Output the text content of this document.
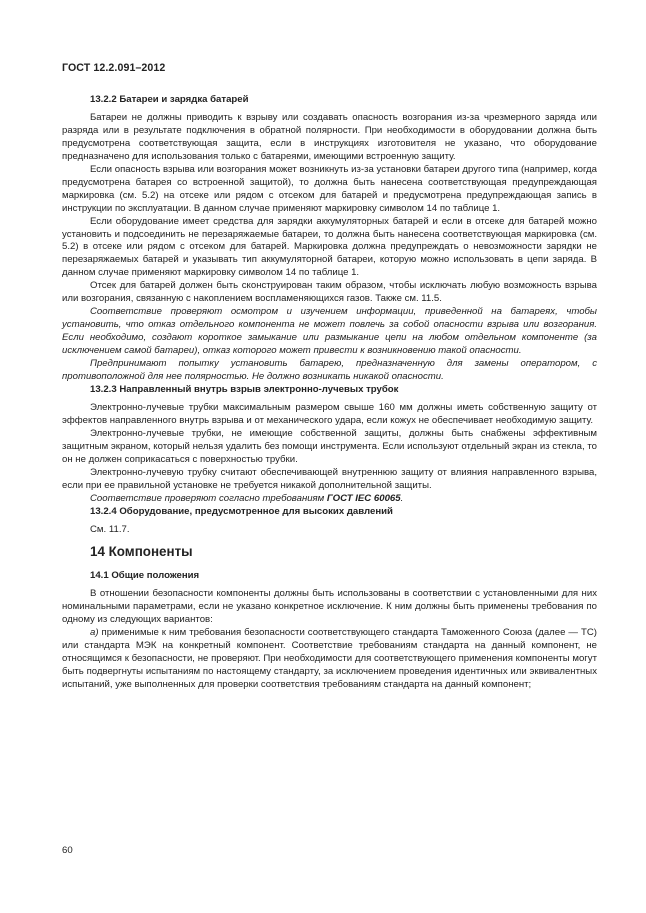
ГОСТ 12.2.091–2012
13.2.2 Батареи и зарядка батарей

Батареи не должны приводить к взрыву или создавать опасность возгорания из-за чрезмерного заряда или разряда или в результате подключения в обратной полярности. При необходимости в оборудовании должна быть предусмотрена соответствующая защита, если в инструкциях изготовителя не указано, что оборудование предназначено для использования только с батареями, имеющими встроенную защиту.

Если опасность взрыва или возгорания может возникнуть из-за установки батареи другого типа (например, когда предусмотрена батарея со встроенной защитой), то должна быть нанесена соответствующая предупреждающая маркировка (см. 5.2) на отсеке или рядом с отсеком для батарей и предусмотрена предупреждающая запись в инструкции по эксплуатации. В данном случае применяют маркировку символом 14 по таблице 1.

Если оборудование имеет средства для зарядки аккумуляторных батарей и если в отсеке для батарей можно установить и подсоединить не перезаряжаемые батареи, то должна быть нанесена соответствующая маркировка (см. 5.2) в отсеке или рядом с отсеком для батарей. Маркировка должна предупреждать о невозможности зарядки не перезаряжаемых батарей и указывать тип аккумуляторной батареи, которую можно использовать в цепи заряда. В данном случае применяют маркировку символом 14 по таблице 1.

Отсек для батарей должен быть сконструирован таким образом, чтобы исключать любую возможность взрыва или возгорания, связанную с накоплением воспламеняющихся газов. Также см. 11.5.

Соответствие проверяют осмотром и изучением информации, приведенной на батареях, чтобы установить, что отказ отдельного компонента не может повлечь за собой опасности взрыва или возгорания. Если необходимо, создают короткое замыкание или размыкание цепи на любом отдельном компоненте (за исключением самой батареи), отказ которого может привести к возникновению такой опасности.

Предпринимают попытку установить батарею, предназначенную для замены оператором, с противоположной для нее полярностью. Не должно возникать никакой опасности.

13.2.3 Направленный внутрь взрыв электронно-лучевых трубок

Электронно-лучевые трубки максимальным размером свыше 160 мм должны иметь собственную защиту от эффектов направленного внутрь взрыва и от механического удара, если кожух не обеспечивает необходимую защиту.

Электронно-лучевые трубки, не имеющие собственной защиты, должны быть снабжены эффективным защитным экраном, который нельзя удалить без помощи инструмента. Если используют отдельный экран из стекла, то он не должен соприкасаться с поверхностью трубки.

Электронно-лучевую трубку считают обеспечивающей внутреннюю защиту от влияния направленного взрыва, если при ее правильной установке не требуется никакой дополнительной защиты.

Соответствие проверяют согласно требованиям ГОСТ IEC 60065.

13.2.4 Оборудование, предусмотренное для высоких давлений

См. 11.7.

14 Компоненты
14.1 Общие положения

В отношении безопасности компоненты должны быть использованы в соответствии с установленными для них номинальными параметрами, если не указано конкретное исключение. К ним должны быть применены требования по одному из следующих вариантов:

а) применимые к ним требования безопасности соответствующего стандарта Таможенного Союза (далее — ТС) или стандарта МЭК на конкретный компонент. Соответствие требованиям стандарта на данный компонент, не относящимся к безопасности, не проверяют. При необходимости для соответствующего применения компоненты могут быть подвергнуты испытаниям по настоящему стандарту, за исключением проведения идентичных или эквивалентных испытаний, уже выполненных для проверки соответствия требованиям стандарта на данный компонент;

60
